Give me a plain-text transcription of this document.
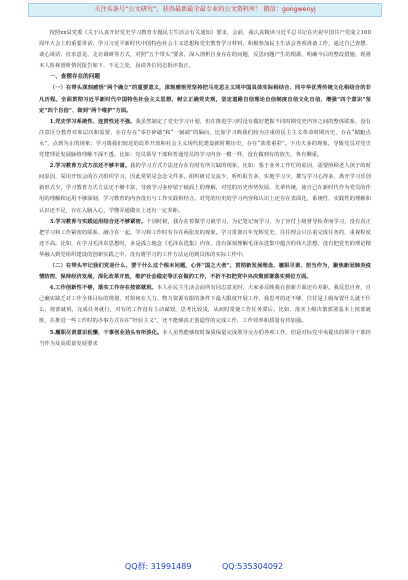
关注头条号“公文研究”，获得最新最全最专业的公文资料库！ 微信：gongwenyj

按照xx局党委《关于认真开好党史学习教育专题民主生活会有关通知》要求，会前，我认真精读习近平总书记在庆祝中国共产党成立100周年大会上的重要讲话、学习习近平新时代中国特色社会主义思想和党史教育学习材料，积极参加民主生活会各项准备工作，通过自己查摆、谈心谈话、征求意见、走访调研等方式，对照“五个带头”要求，深入剖析自身存在的问题，反思问题产生的根源，明确今后的整改措施，现将本人检视剖析情况报告如下，不足之处，恳请各位同志批评指正。

一、查摆存在的问题

（一）在带头深刻感悟“两个确立”的重要意义，深刻感悟党坚持把马克思主义同中国具体实际相结合、同中华优秀传统文化相结合的非凡历程。全面贯彻习近平新时代中国特色社会主义思想，树立正确党史观，坚定道路自信理论自信制度自信文化自信，增强“四个意识”坚定“四个自信”、做到“两个维护”方面。

1.党史学习系统性、连贯性还不强。我虽然制定了党史学习计划，但在推进学习时没有做好把握不同时期党史内容之间的整体联系，没有注意区分教育对象层次和需要，存在存在“零打碎敲”和“一锅端”的偏向，比如学习典我们较为注重的民主主义革命时期历史，存在“蜻蜓点水”，点到为止的现象；学习离我们较近的改革开放和社会主义现代化建设新时期历史，存在“浓墨重彩”。下功夫多的现象，导致党员对党史党建理论发展脉络理解不深不透。比如：党员领导干部和普通党员的学习内容一模一样，没有做到有的放矢，各有侧重。

2.学习教育方式方法还不够丰富。我的学习方式方法还存在有时有所欠缺的现象，比如：鉴于业务工作忙的原因，需要照顾老人孩子的时间原因，采用开短会的方式组织学习，因此常常是念念文件多，组织研讨交流少，听听报告多，实地学习少，撰写学习心得多，离开学习乐创新形式少，学习教育方式方法还不够丰富，导致学习多停留于纸面上的理解，对党的历史形势发展、先辈传统，使自己在新时代作为党员的作用的理解和运用不够深刻，学习教育的内容没有与工作实践相结合。对党的历史的学习内容和认识上还存在表面化，系统性、实践性的理解和认识还不足，存在入脑入心、学懂弄通做实上还有一定差距。

3.学习教育与实践运用结合还不够紧密。个别时候，我存在着做学习就学习，为记笔记而学习，为了应付上级督导检查而学习，没有真正把学习和工作紧密的联系、融合在一起。学习和工作时有存在两张皮的现象。学习贯彻百年光辉党史，往往理会只注重完成任务的，重视程度还不高。比如，在学习毛泽东思想时，多是孤立地念《毛泽东选集》内容，没有深刻理解毛泽东选集中蕴含的伟大思想，没有把党史的理论精华融入到党组织建设的创新实践之中，没有将学习的工作方法运用到具体的实际工作中。

（二）在带头牢记我们党是什么、要干什么这个根本问题，心怀“国之大者”，贯彻新发展理念，履职尽责、担当作为，聚焦新冠肺炎疫情防控、保持经济发展，深化改革开放，维护社会稳定等正在做的工作，不折不扣把党中央决策部署落实到位方面。

4.工作创新性不够，落实工作存在按部就班。本人在民主生活会前所有同志意见时，大家多反映我在创新方面还有差距。我反思自查，自己确实缺乏对工作全体目标的规划，对如何在人力、物力资源有限的条件下最大限度开展工作，我思考的还不够，往往是上级布置什么就干什么，按部就班，完成任务就行，对有的工作没有主动谋划，思考比较浅，从而时常使工作任务滞后。比如，落实上级决策部署基本上按部就班，在推进一些工作时的办事方式存在“经验主义”，还不能够真正创造性的完成工作，工作效率和质量有待加强。

5.履职尽责意识松懈，干事创业劲头有所淡化。本人虽然能够按时保质保量完成领导交办的各项工作，但是对标党中央提出的领导干部担当作为及高质量发展要求

QQ群: 31991489	QQ:535304092
